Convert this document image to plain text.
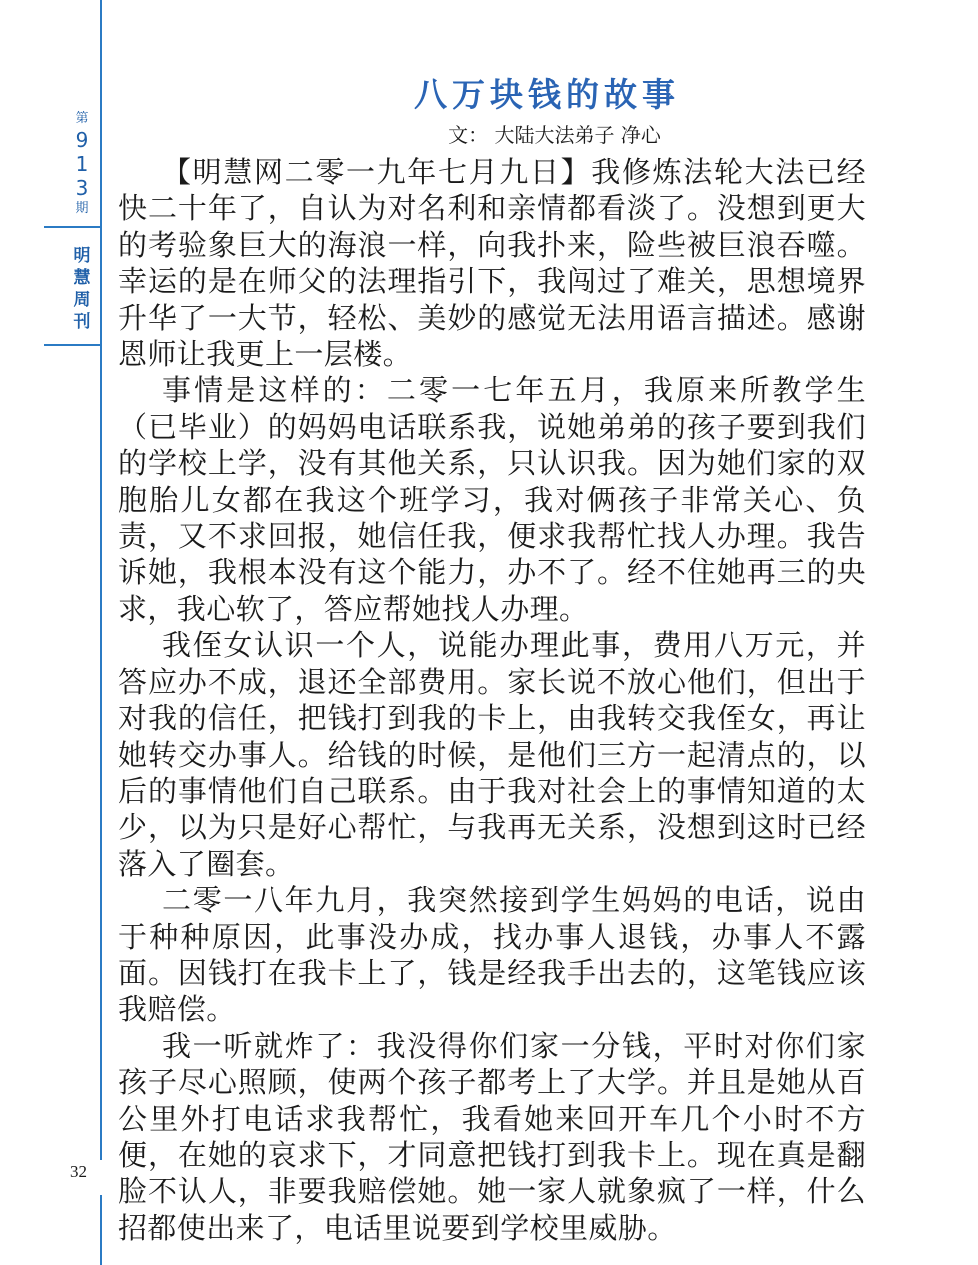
第
9
1
3
期
明
慧
周
刊
32
八万块钱的故事

文： 大陆大法弟子 净心

【明慧网二零一九年七月九日】我修炼法轮大法已经快二十年了，自认为对名利和亲情都看淡了。没想到更大的考验象巨大的海浪一样，向我扑来，险些被巨浪吞噬。幸运的是在师父的法理指引下，我闯过了难关，思想境界升华了一大节，轻松、美妙的感觉无法用语言描述。感谢恩师让我更上一层楼。

事情是这样的：二零一七年五月，我原来所教学生（已毕业）的妈妈电话联系我，说她弟弟的孩子要到我们的学校上学，没有其他关系，只认识我。因为她们家的双胞胎儿女都在我这个班学习，我对俩孩子非常关心、负责，又不求回报，她信任我，便求我帮忙找人办理。我告诉她，我根本没有这个能力，办不了。经不住她再三的央求，我心软了，答应帮她找人办理。

我侄女认识一个人，说能办理此事，费用八万元，并答应办不成，退还全部费用。家长说不放心他们，但出于对我的信任，把钱打到我的卡上，由我转交我侄女，再让她转交办事人。给钱的时候，是他们三方一起清点的，以后的事情他们自己联系。由于我对社会上的事情知道的太少，以为只是好心帮忙，与我再无关系，没想到这时已经落入了圈套。

二零一八年九月，我突然接到学生妈妈的电话，说由于种种原因，此事没办成，找办事人退钱，办事人不露面。因钱打在我卡上了，钱是经我手出去的，这笔钱应该我赔偿。

我一听就炸了：我没得你们家一分钱，平时对你们家孩子尽心照顾，使两个孩子都考上了大学。并且是她从百公里外打电话求我帮忙，我看她来回开车几个小时不方便，在她的哀求下，才同意把钱打到我卡上。现在真是翻脸不认人，非要我赔偿她。她一家人就象疯了一样，什么招都使出来了，电话里说要到学校里威胁。
